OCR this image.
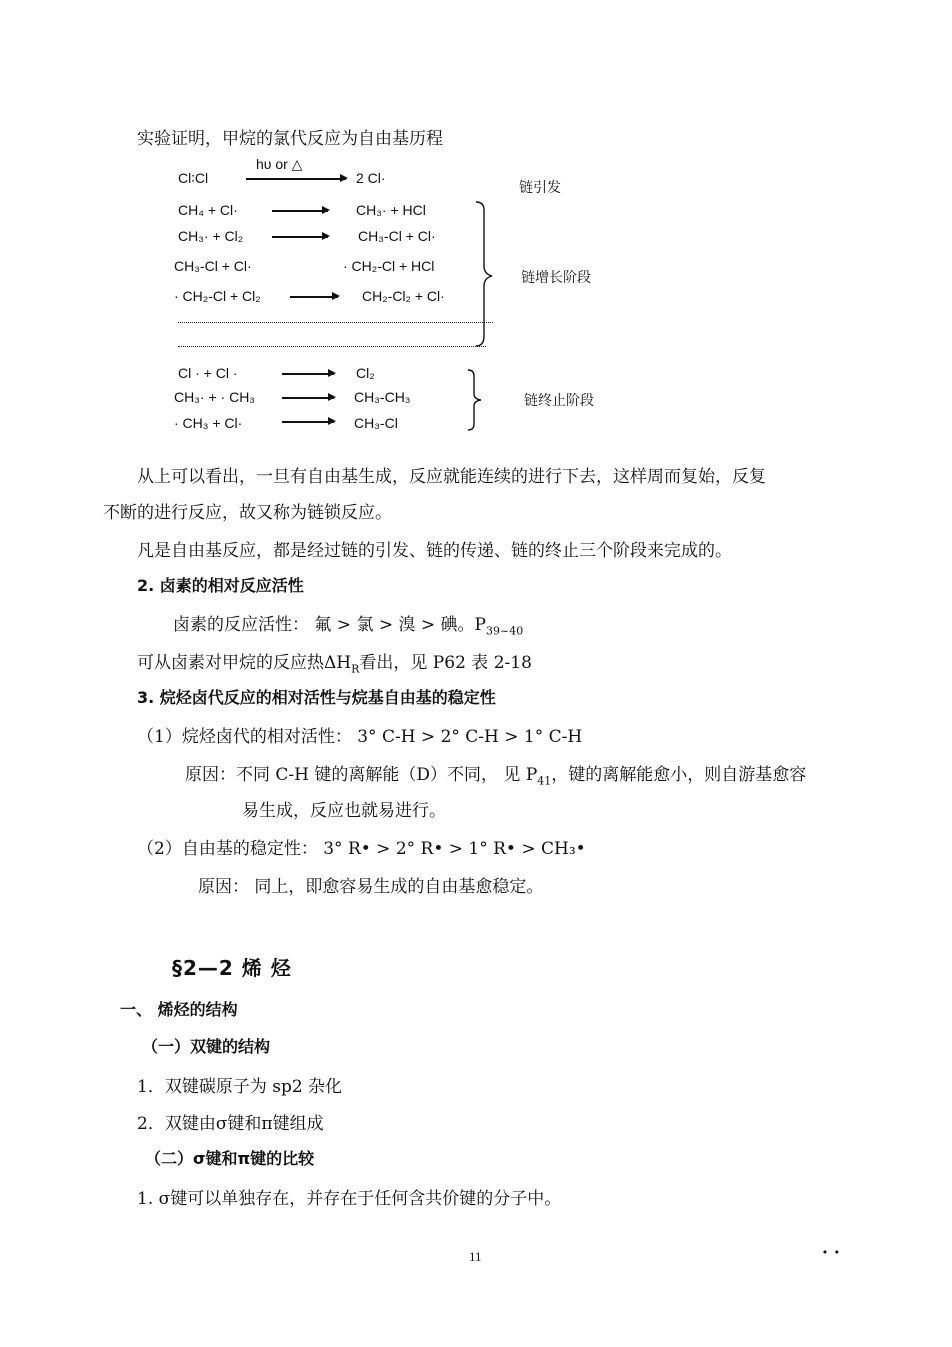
实验证明，甲烷的氯代反应为自由基历程
Cl∶Cl
hυ or △
2 Cl·
链引发
CH₄ + Cl·	CH₃· + HCl
CH₃· + Cl₂	CH₃-Cl + Cl·
CH₃-Cl + Cl·	· CH₂-Cl + HCl
· CH₂-Cl + Cl₂	CH₂-Cl₂ + Cl·
链增长阶段
Cl · + Cl ·	Cl₂
CH₃· + · CH₃	CH₃-CH₃
· CH₃ + Cl·	CH₃-Cl
链终止阶段
从上可以看出，一旦有自由基生成，反应就能连续的进行下去，这样周而复始，反复
不断的进行反应，故又称为链锁反应。
凡是自由基反应，都是经过链的引发、链的传递、链的终止三个阶段来完成的。
2. 卤素的相对反应活性
卤素的反应活性： 氟 > 氯 > 溴 > 碘。$P_{39\sim 40}$
可从卤素对甲烷的反应热$\Delta H_R$看出，见 P62 表 2-18
3. 烷烃卤代反应的相对活性与烷基自由基的稳定性
（1）烷烃卤代的相对活性： 3° C-H > 2° C-H > 1° C-H
原因：不同 C-H 键的离解能（D）不同， 见 $P_{41}$，键的离解能愈小，则自游基愈容
易生成，反应也就易进行。
（2）自由基的稳定性： 3° R• > 2° R• > 1° R• > CH₃•
原因： 同上，即愈容易生成的自由基愈稳定。
§2—2 烯 烃
一、 烯烃的结构
（一）双键的结构
1．双键碳原子为 sp2 杂化
2．双键由σ键和π键组成
（二）σ键和π键的比较
1. σ键可以单独存在，并存在于任何含共价键的分子中。
11	· ·
